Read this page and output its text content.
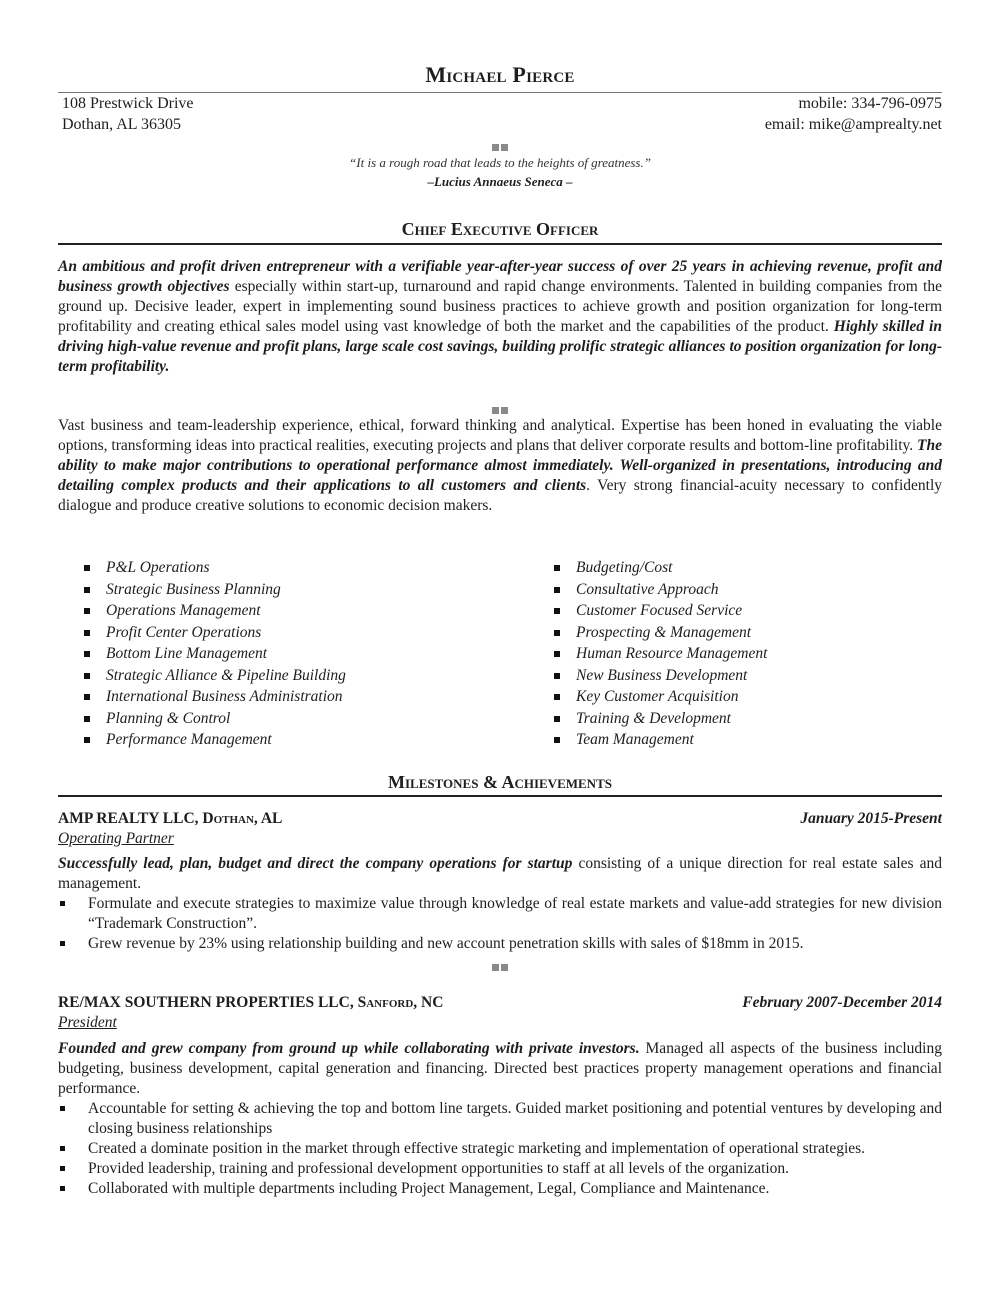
Michael Pierce
108 Prestwick Drive
Dothan, AL 36305
mobile: 334-796-0975
email: mike@amprealty.net
“It is a rough road that leads to the heights of greatness.”
–Lucius Annaeus Seneca –
Chief Executive Officer
An ambitious and profit driven entrepreneur with a verifiable year-after-year success of over 25 years in achieving revenue, profit and business growth objectives especially within start-up, turnaround and rapid change environments. Talented in building companies from the ground up. Decisive leader, expert in implementing sound business practices to achieve growth and position organization for long-term profitability and creating ethical sales model using vast knowledge of both the market and the capabilities of the product. Highly skilled in driving high-value revenue and profit plans, large scale cost savings, building prolific strategic alliances to position organization for long-term profitability.
Vast business and team-leadership experience, ethical, forward thinking and analytical. Expertise has been honed in evaluating the viable options, transforming ideas into practical realities, executing projects and plans that deliver corporate results and bottom-line profitability. The ability to make major contributions to operational performance almost immediately. Well-organized in presentations, introducing and detailing complex products and their applications to all customers and clients. Very strong financial-acuity necessary to confidently dialogue and produce creative solutions to economic decision makers.
P&L Operations
Strategic Business Planning
Operations Management
Profit Center Operations
Bottom Line Management
Strategic Alliance & Pipeline Building
International Business Administration
Planning & Control
Performance Management
Budgeting/Cost
Consultative Approach
Customer Focused Service
Prospecting & Management
Human Resource Management
New Business Development
Key Customer Acquisition
Training & Development
Team Management
Milestones & Achievements
AMP REALTY LLC, Dothan, AL	January 2015-Present
Operating Partner
Successfully lead, plan, budget and direct the company operations for startup consisting of a unique direction for real estate sales and management.
Formulate and execute strategies to maximize value through knowledge of real estate markets and value-add strategies for new division “Trademark Construction”.
Grew revenue by 23% using relationship building and new account penetration skills with sales of $18mm in 2015.
RE/MAX SOUTHERN PROPERTIES LLC, Sanford, NC	February 2007-December 2014
President
Founded and grew company from ground up while collaborating with private investors. Managed all aspects of the business including budgeting, business development, capital generation and financing. Directed best practices property management operations and financial performance.
Accountable for setting & achieving the top and bottom line targets. Guided market positioning and potential ventures by developing and closing business relationships
Created a dominate position in the market through effective strategic marketing and implementation of operational strategies.
Provided leadership, training and professional development opportunities to staff at all levels of the organization.
Collaborated with multiple departments including Project Management, Legal, Compliance and Maintenance.
